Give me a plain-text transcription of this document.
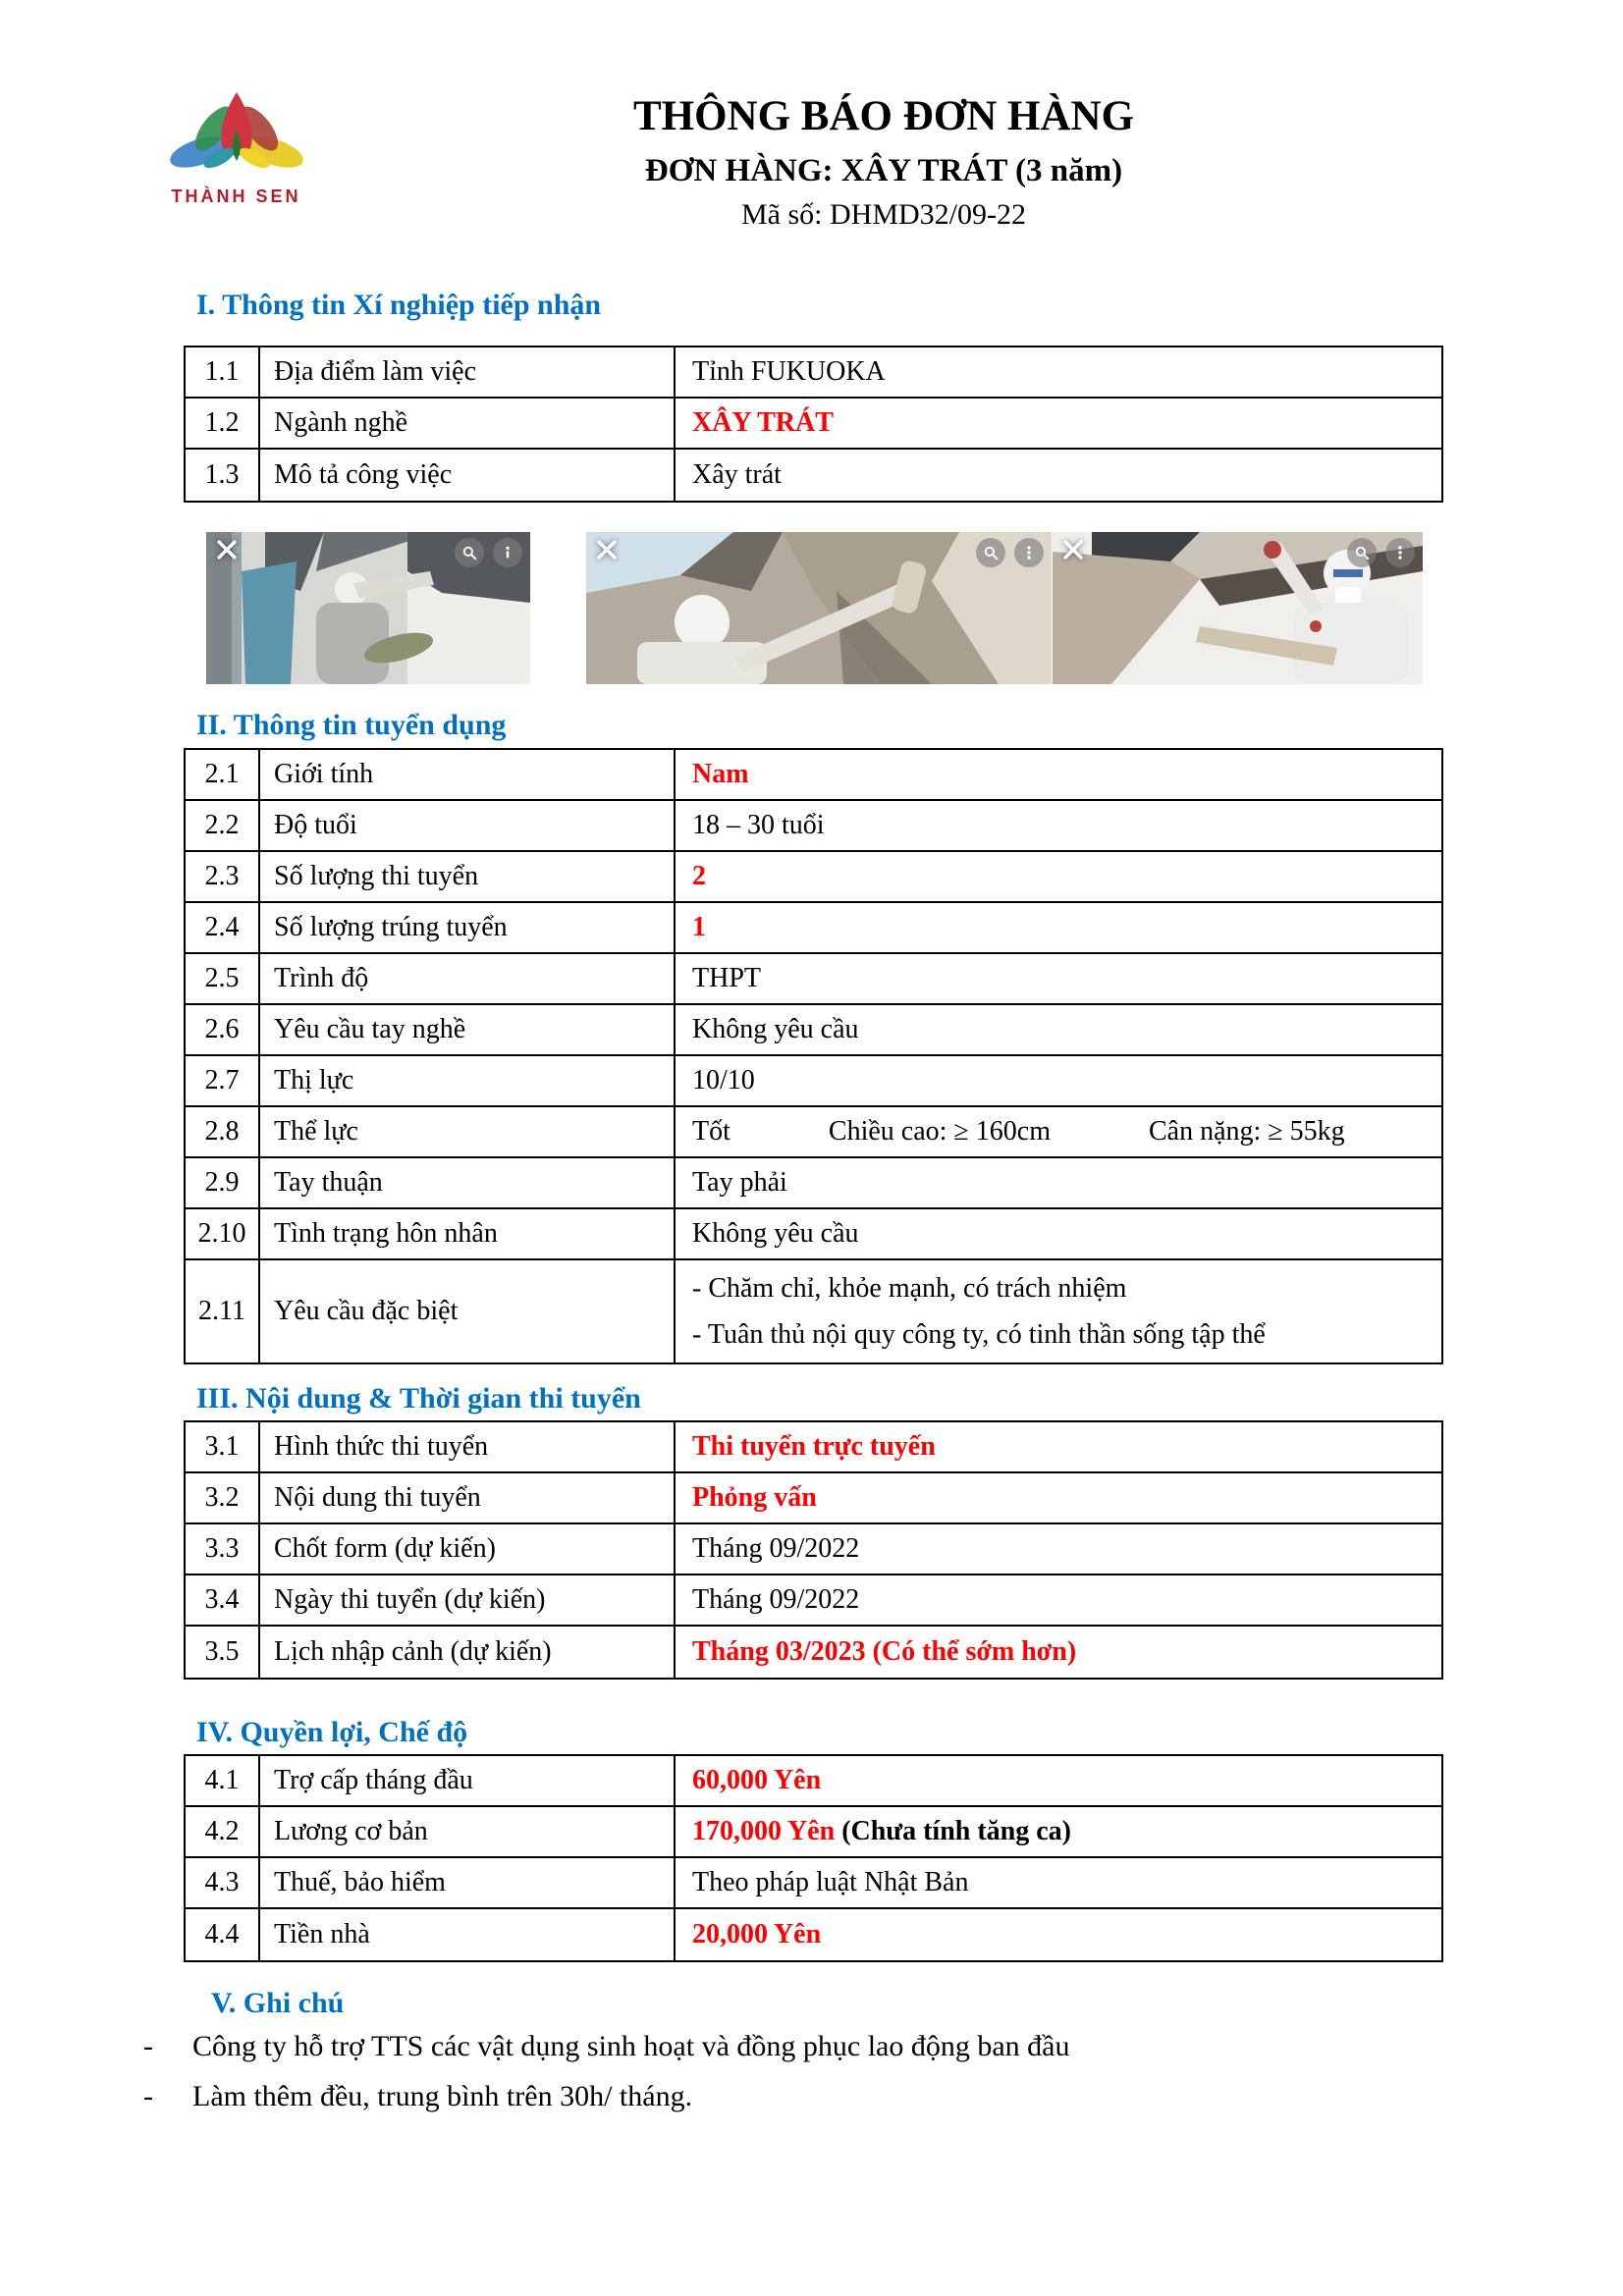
THÀNH SEN
THÔNG BÁO ĐƠN HÀNG
ĐƠN HÀNG: XÂY TRÁT (3 năm)
Mã số: DHMD32/09-22
I. Thông tin Xí nghiệp tiếp nhận
1.1	Địa điểm làm việc	Tỉnh FUKUOKA
1.2	Ngành nghề	XÂY TRÁT
1.3	Mô tả công việc	Xây trát
II. Thông tin tuyển dụng
2.1	Giới tính	Nam
2.2	Độ tuổi	18 – 30 tuổi
2.3	Số lượng thi tuyển	2
2.4	Số lượng trúng tuyển	1
2.5	Trình độ	THPT
2.6	Yêu cầu tay nghề	Không yêu cầu
2.7	Thị lực	10/10
2.8	Thể lực	Tốt	Chiều cao: ≥ 160cm	Cân nặng: ≥ 55kg
2.9	Tay thuận	Tay phải
2.10	Tình trạng hôn nhân	Không yêu cầu
2.11	Yêu cầu đặc biệt
- Chăm chỉ, khỏe mạnh, có trách nhiệm
- Tuân thủ nội quy công ty, có tinh thần sống tập thể
III. Nội dung & Thời gian thi tuyển
3.1	Hình thức thi tuyển	Thi tuyển trực tuyến
3.2	Nội dung thi tuyển	Phỏng vấn
3.3	Chốt form (dự kiến)	Tháng 09/2022
3.4	Ngày thi tuyển (dự kiến)	Tháng 09/2022
3.5	Lịch nhập cảnh (dự kiến)	Tháng 03/2023 (Có thể sớm hơn)
IV. Quyền lợi, Chế độ
4.1	Trợ cấp tháng đầu	60,000 Yên
4.2	Lương cơ bản	170,000 Yên (Chưa tính tăng ca)
4.3	Thuế, bảo hiểm	Theo pháp luật Nhật Bản
4.4	Tiền nhà	20,000 Yên
V. Ghi chú
-	Công ty hỗ trợ TTS các vật dụng sinh hoạt và đồng phục lao động ban đầu
-	Làm thêm đều, trung bình trên 30h/ tháng.
